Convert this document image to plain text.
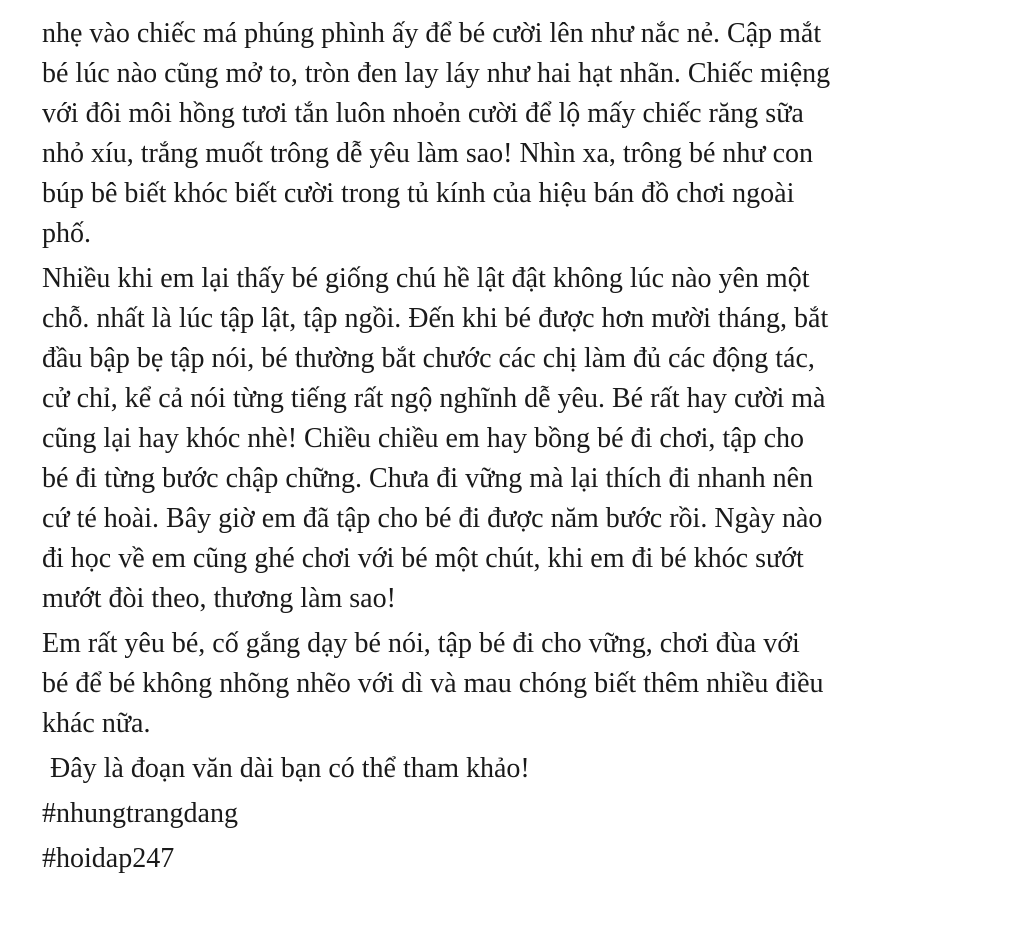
nhẹ vào chiếc má phúng phình ấy để bé cười lên như nắc nẻ. Cập mắt
bé lúc nào cũng mở to, tròn đen lay láy như hai hạt nhãn. Chiếc miệng
với đôi môi hồng tươi tắn luôn nhoẻn cười để lộ mấy chiếc răng sữa
nhỏ xíu, trắng muốt trông dễ yêu làm sao! Nhìn xa, trông bé như con
búp bê biết khóc biết cười trong tủ kính của hiệu bán đồ chơi ngoài
phố.

Nhiều khi em lại thấy bé giống chú hề lật đật không lúc nào yên một
chỗ. nhất là lúc tập lật, tập ngồi. Đến khi bé được hơn mười tháng, bắt
đầu bập bẹ tập nói, bé thường bắt chước các chị làm đủ các động tác,
cử chỉ, kể cả nói từng tiếng rất ngộ nghĩnh dễ yêu. Bé rất hay cười mà
cũng lại hay khóc nhè! Chiều chiều em hay bồng bé đi chơi, tập cho
bé đi từng bước chập chững. Chưa đi vững mà lại thích đi nhanh nên
cứ té hoài. Bây giờ em đã tập cho bé đi được năm bước rồi. Ngày nào
đi học về em cũng ghé chơi với bé một chút, khi em đi bé khóc sướt
mướt đòi theo, thương làm sao!

Em rất yêu bé, cố gắng dạy bé nói, tập bé đi cho vững, chơi đùa với
bé để bé không nhõng nhẽo với dì và mau chóng biết thêm nhiều điều
khác nữa.

Đây là đoạn văn dài bạn có thể tham khảo!

#nhungtrangdang

#hoidap247
